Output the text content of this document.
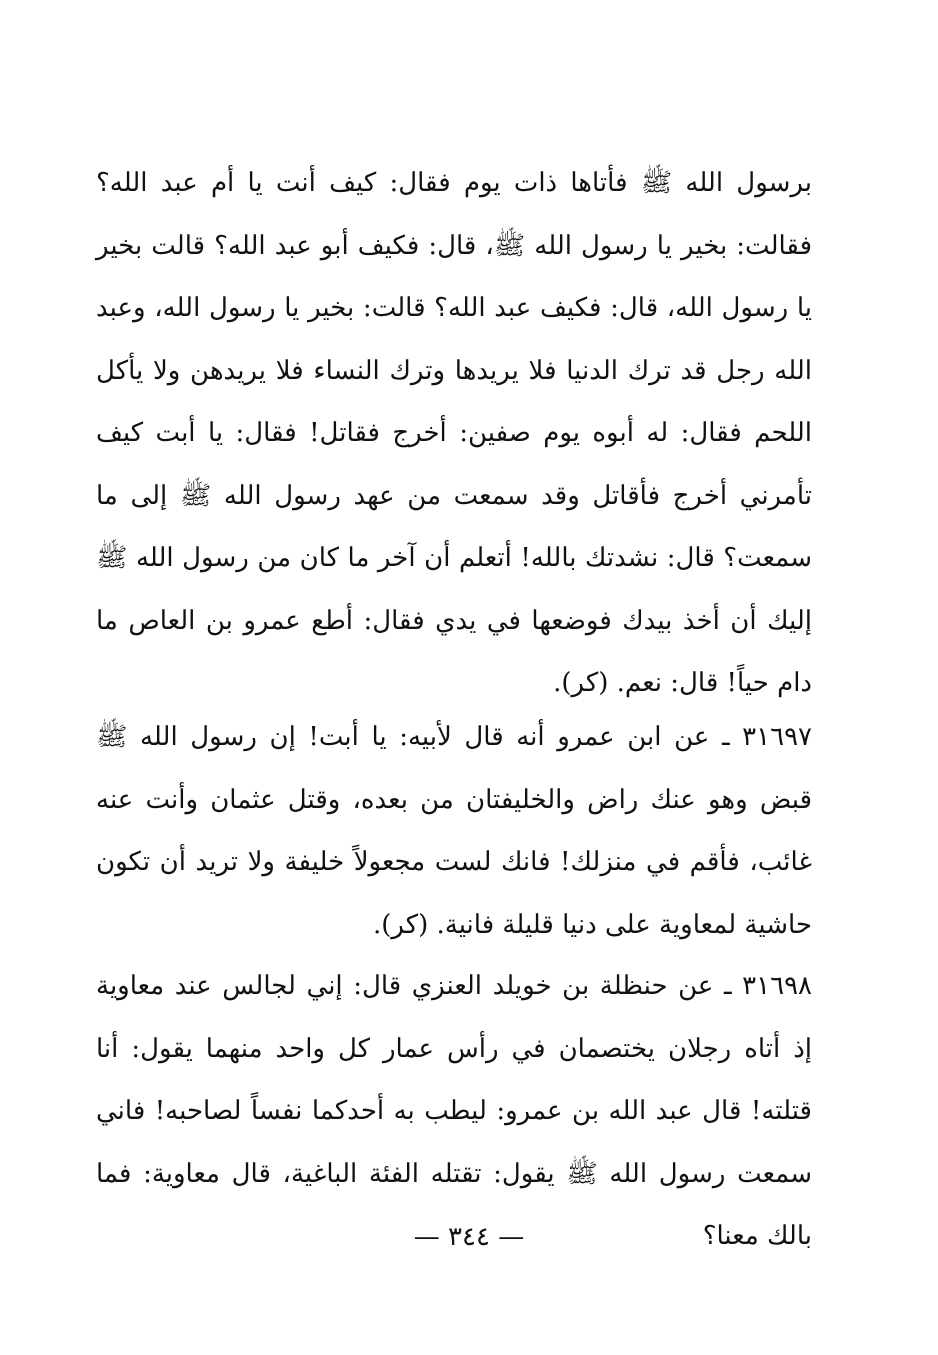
برسول الله ﷺ فأتاها ذات يوم فقال: كيف أنت يا أم عبد الله؟ فقالت: بخير يا رسول الله ﷺ، قال: فكيف أبو عبد الله؟ قالت بخير يا رسول الله، قال: فكيف عبد الله؟ قالت: بخير يا رسول الله، وعبد الله رجل قد ترك الدنيا فلا يريدها وترك النساء فلا يريدهن ولا يأكل اللحم فقال: له أبوه يوم صفين: أخرج فقاتل! فقال: يا أبت كيف تأمرني أخرج فأقاتل وقد سمعت من عهد رسول الله ﷺ إلى ما سمعت؟ قال: نشدتك بالله! أتعلم أن آخر ما كان من رسول الله ﷺ إليك أن أخذ بيدك فوضعها في يدي فقال: أطع عمرو بن العاص ما دام حياً! قال: نعم. (كر).

٣١٦٩٧ ـ عن ابن عمرو أنه قال لأبيه: يا أبت! إن رسول الله ﷺ قبض وهو عنك راض والخليفتان من بعده، وقتل عثمان وأنت عنه غائب، فأقم في منزلك! فانك لست مجعولاً خليفة ولا تريد أن تكون حاشية لمعاوية على دنيا قليلة فانية. (كر).

٣١٦٩٨ ـ عن حنظلة بن خويلد العنزي قال: إني لجالس عند معاوية إذ أتاه رجلان يختصمان في رأس عمار كل واحد منهما يقول: أنا قتلته! قال عبد الله بن عمرو: ليطب به أحدكما نفساً لصاحبه! فاني سمعت رسول الله ﷺ يقول: تقتله الفئة الباغية، قال معاوية: فما بالك معنا؟

— ٣٤٤ —
